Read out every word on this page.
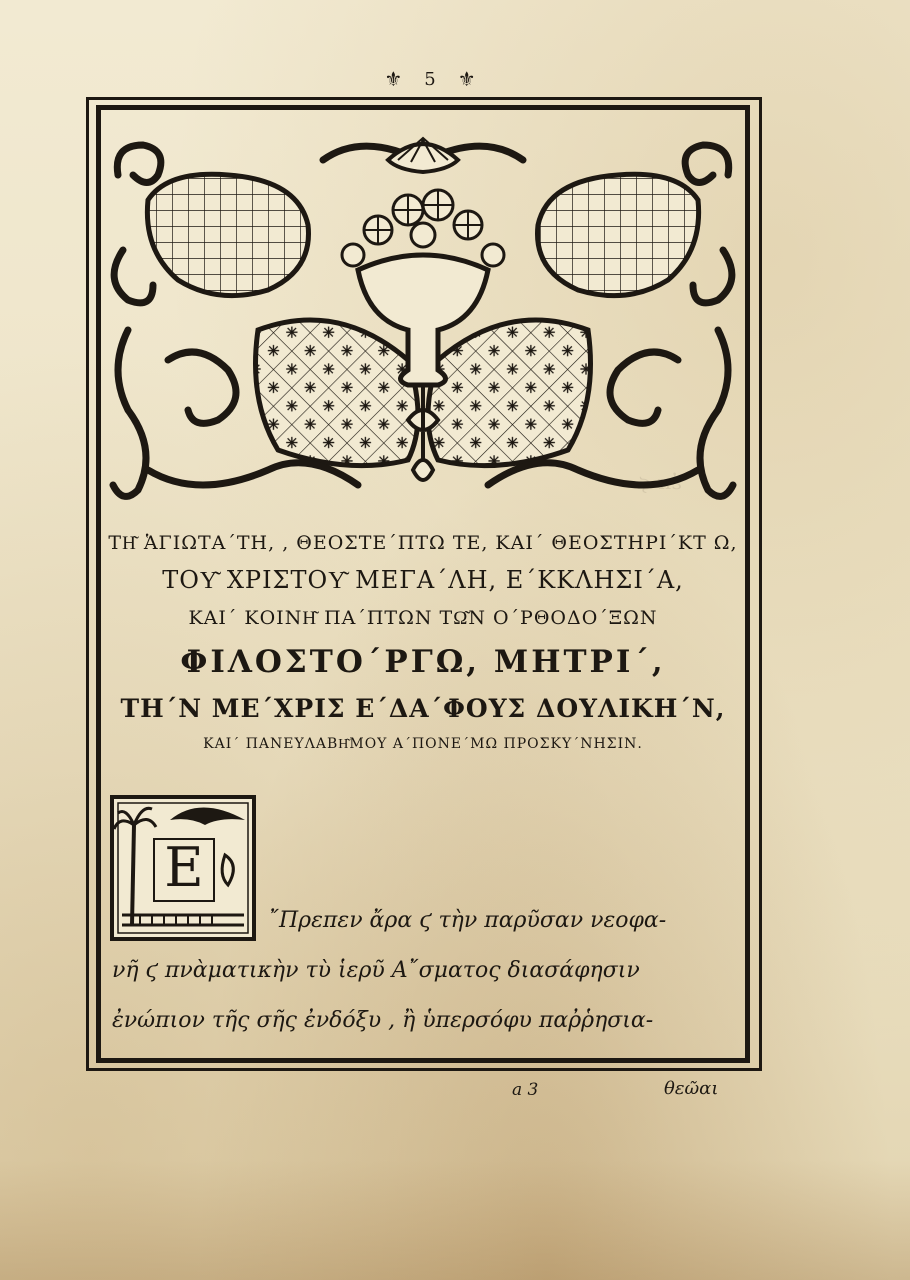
ἐκ ϛ
⚜ 5 ⚜
ΤΗ͂ ἉΓΙΩΤΑ΄ΤΗ, , ΘΕΟΣΤΕ΄ΠΤΩ ΤΕ, ΚΑΙ΄ ΘΕΟΣΤΗΡΙ΄ΚΤ Ω,
ΤΟΥ͂ ΧΡΙΣΤΟΥ͂ ΜΕΓΑ΄ΛΗ, Ε΄ΚΚΛΗΣΙ΄Α,
ΚΑΙ΄ ΚΟΙΝΗ͂ ΠΑ΄ΠΤΩΝ ΤΩ͂Ν Ο΄ΡΘΟΔΟ΄ΞΩΝ
ΦΙΛΟΣΤΟ΄ΡΓΩ, ΜΗΤΡΙ΄,
ΤΗ΄Ν ΜΕ΄ΧΡΙΣ Ε΄ΔΑ΄ΦΟΥΣ ΔΟΥΛΙΚΗ΄Ν,
ΚΑΙ΄ ΠΑΝΕΥΛΑΒΗ͂ΜΟΥ Α΄ΠΟΝΕ΄ΜΩ ΠΡΟΣΚΥ΄ΝΗΣΙΝ.
E
῎Πρεπεν ἄρα ϛ τὴν παρῦσαν νεοφα-
νῆ ϛ πνὰματικὴν τὺ ἱερῦ Α῎σματος διασάφησιν
ἐνώπιον τῆς σῆς ἐνδόξυ , ἢ ὑπερσόφυ παῤῥησια-
a 3	θεῶαι
